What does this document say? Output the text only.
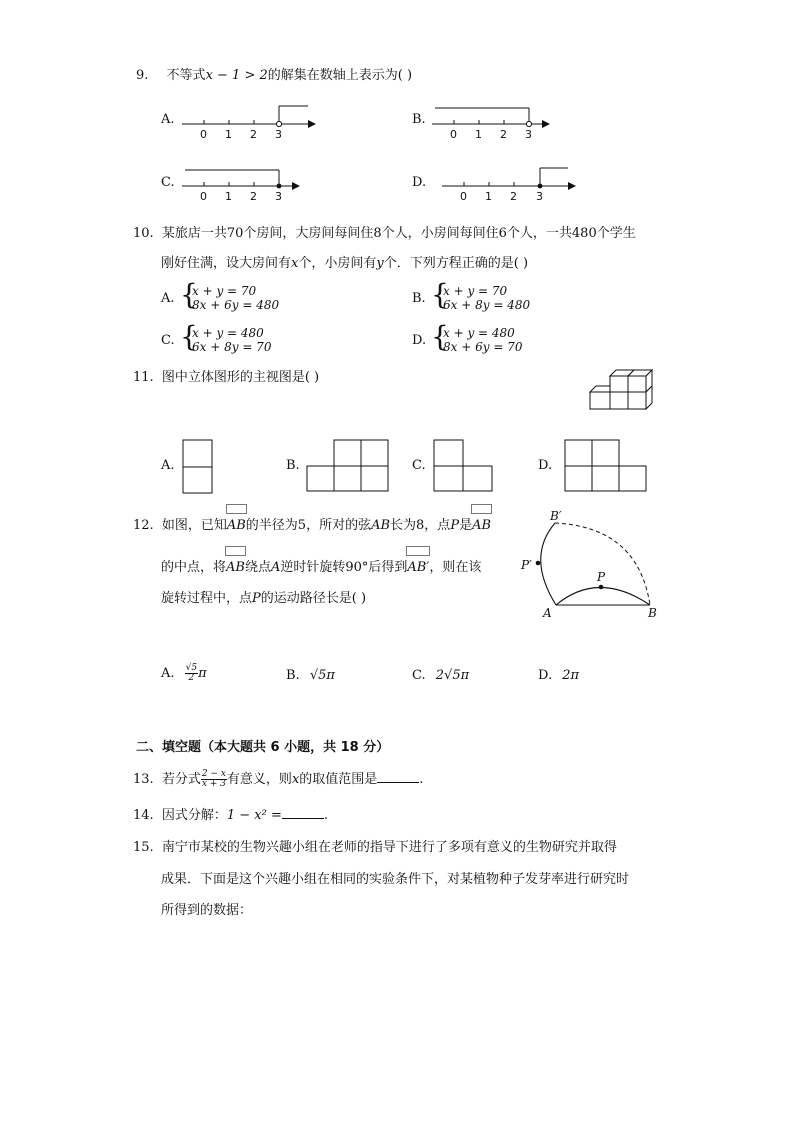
9. 不等式x − 1 > 2的解集在数轴上表示为( )
A.
0 1 2 3
B.
0 1 2 3
C.
0 1 2 3
D.
0 1 2 3
10. 某旅店一共70个房间，大房间每间住8个人，小房间每间住6个人，一共480个学生
刚好住满，设大房间有x个，小房间有y个．下列方程正确的是( )
A. {
x + y = 70
8x + 6y = 480	B. {
x + y = 70
6x + 8y = 480
C. {
x + y = 480
6x + 8y = 70	D. {
x + y = 480
8x + 6y = 70
11. 图中立体图形的主视图是( )
A.	B.	C.	D.
12. 如图，已知AB的半径为5，所对的弦AB长为8，点P是AB
的中点，将AB绕点A逆时针旋转90°后得到AB′，则在该
旋转过程中，点P的运动路径长是( )
B′
P′
P
A	B
A. $\frac{√5}{2}$ π	B. √5π	C. 2√5π	D. 2π
二、填空题（本大题共 6 小题，共 18 分）
13. 若分式 $\frac{2 - x}{x + 3}$ 有意义，则x的取值范围是	.
14. 因式分解：1 − x² =	.
15. 南宁市某校的生物兴趣小组在老师的指导下进行了多项有意义的生物研究并取得
成果．下面是这个兴趣小组在相同的实验条件下，对某植物种子发芽率进行研究时
所得到的数据：
